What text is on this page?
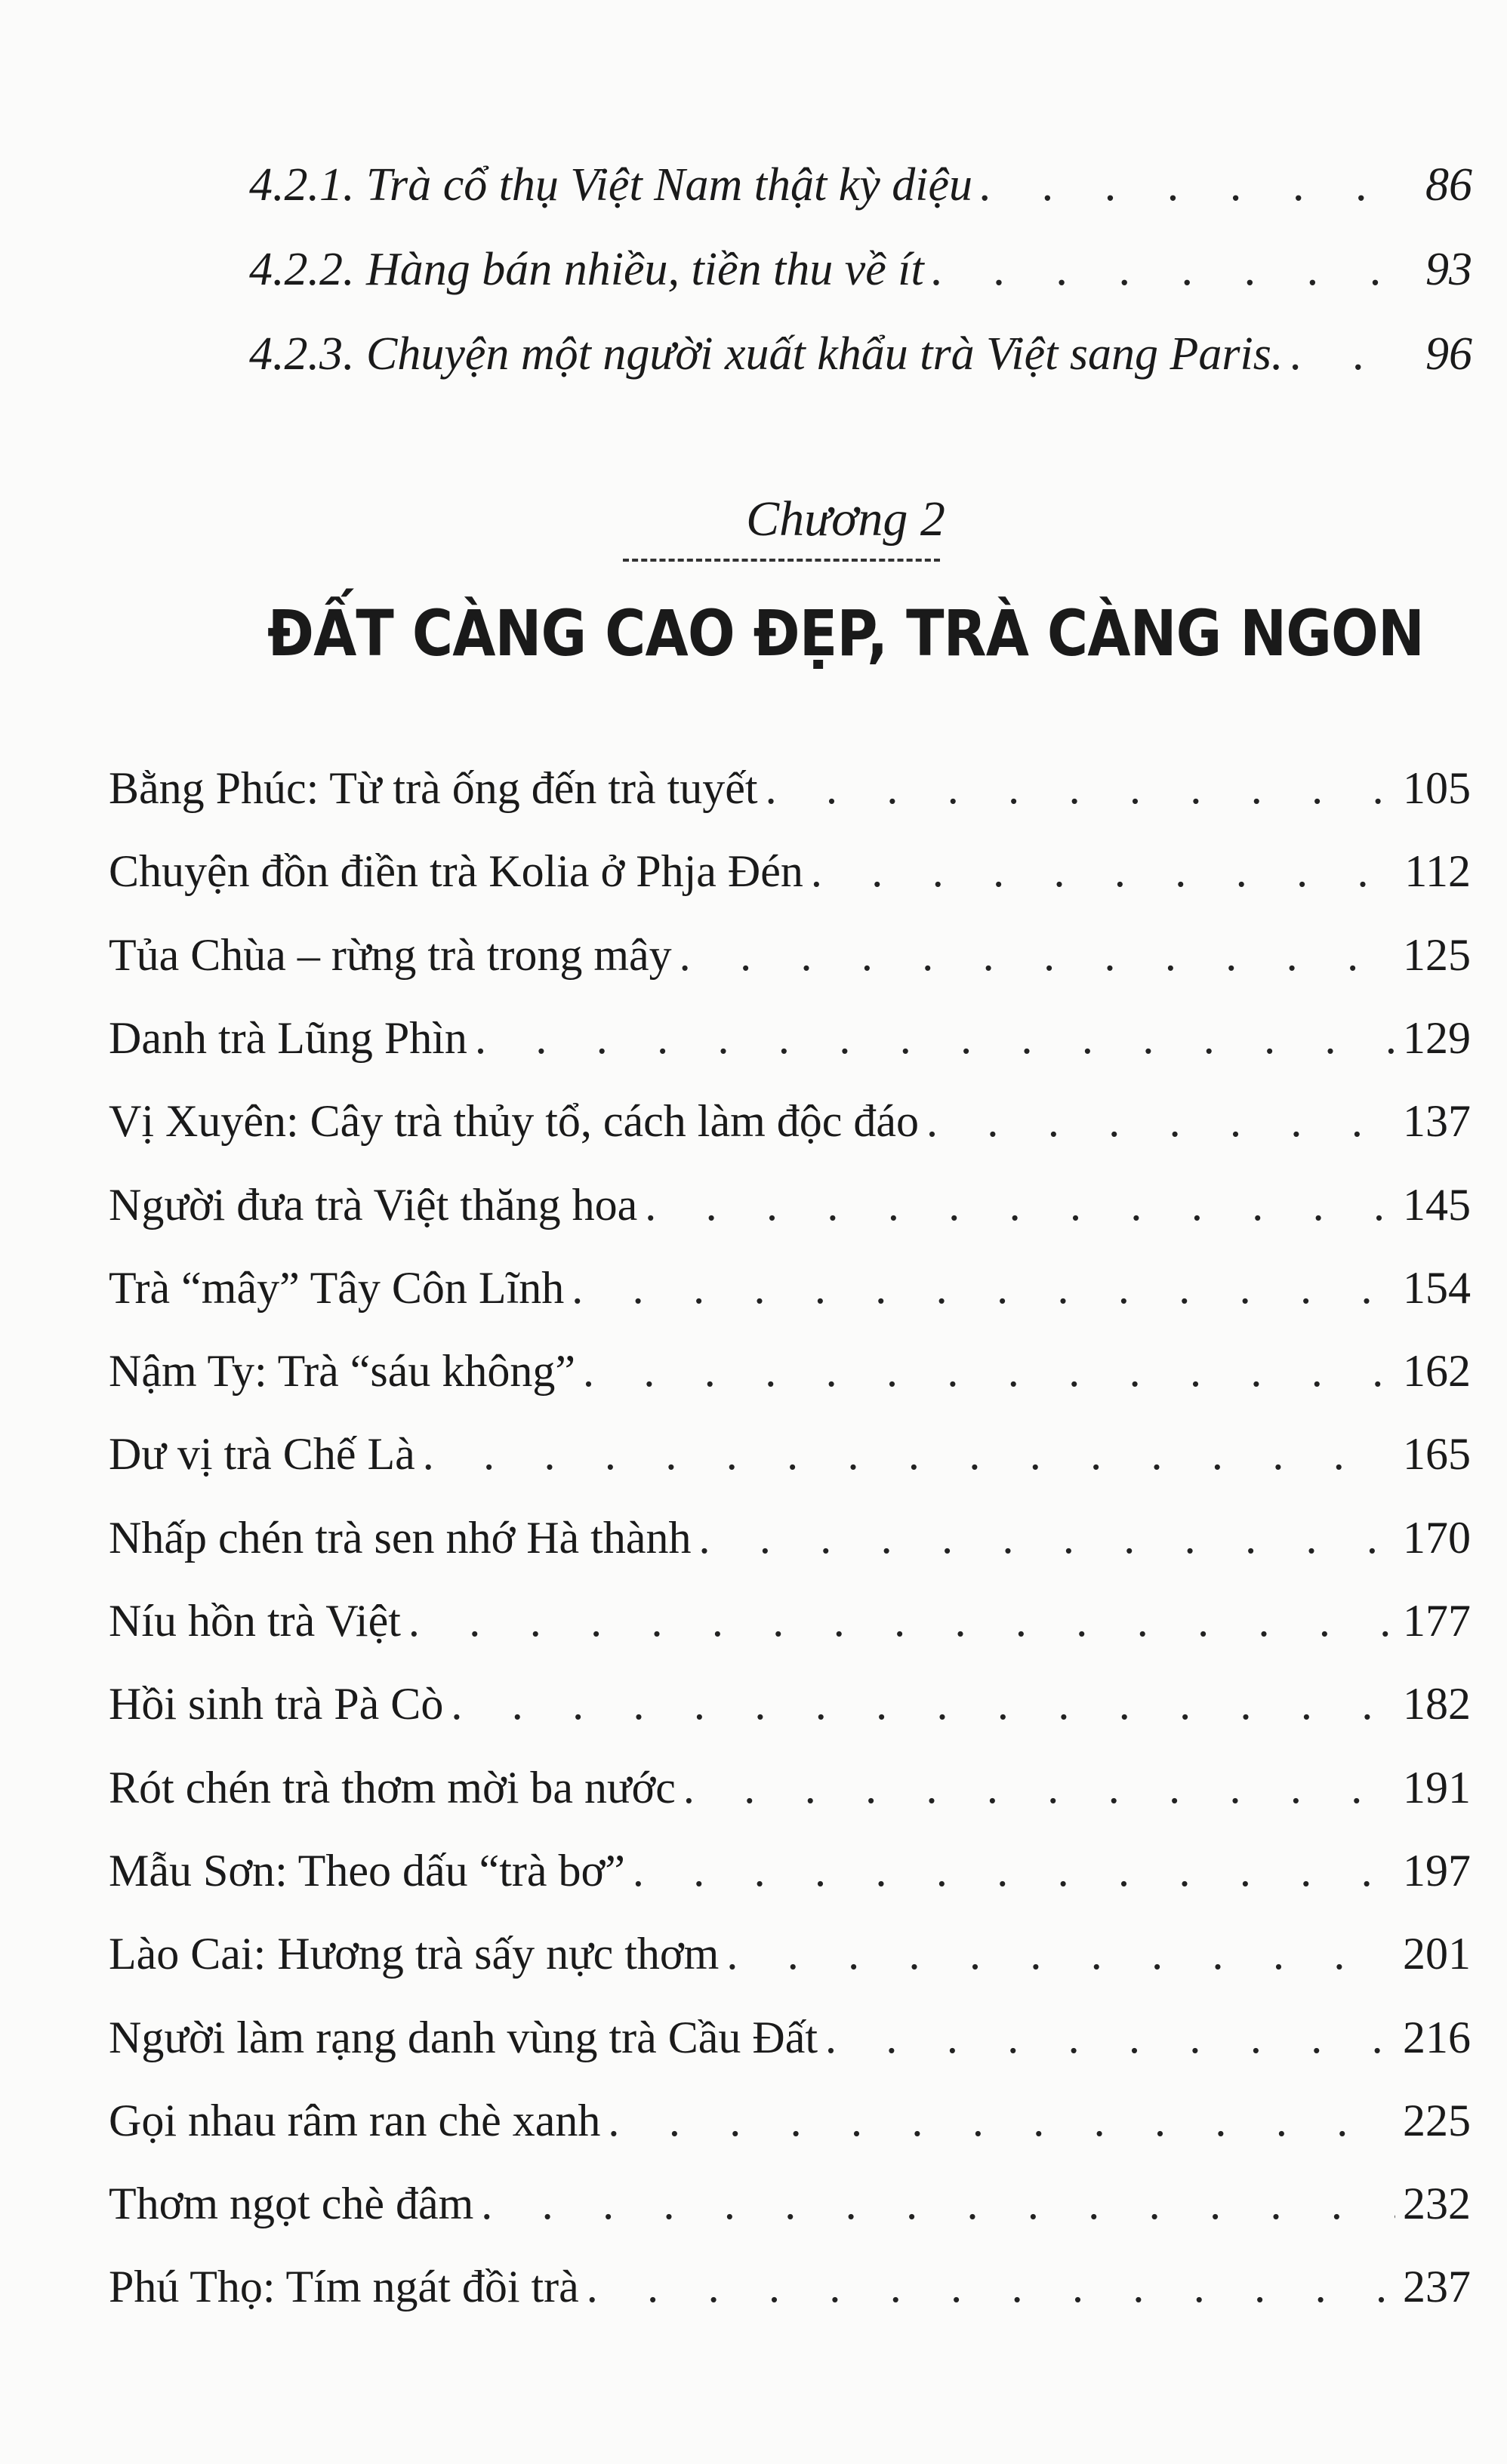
4.2.1. Trà cổ thụ Việt Nam thật kỳ diệu . . .	86
4.2.2. Hàng bán nhiều, tiền thu về ít . . .	93
4.2.3. Chuyện một người xuất khẩu trà Việt sang Paris. . . .	96
Chương 2
ĐẤT CÀNG CAO ĐẸP, TRÀ CÀNG NGON
Bằng Phúc: Từ trà ống đến trà tuyết . . .	105
Chuyện đồn điền trà Kolia ở Phja Đén . . .	112
Tủa Chùa – rừng trà trong mây . . .	125
Danh trà Lũng Phìn . . .	129
Vị Xuyên: Cây trà thủy tổ, cách làm độc đáo . . .	137
Người đưa trà Việt thăng hoa . . .	145
Trà “mây” Tây Côn Lĩnh . . .	154
Nậm Ty: Trà “sáu không” . . .	162
Dư vị trà Chế Là . . .	165
Nhấp chén trà sen nhớ Hà thành . . .	170
Níu hồn trà Việt . . .	177
Hồi sinh trà Pà Cò . . .	182
Rót chén trà thơm mời ba nước . . .	191
Mẫu Sơn: Theo dấu “trà bơ” . . .	197
Lào Cai: Hương trà sấy nực thơm . . .	201
Người làm rạng danh vùng trà Cầu Đất . . .	216
Gọi nhau râm ran chè xanh . . .	225
Thơm ngọt chè đâm . . .	232
Phú Thọ: Tím ngát đồi trà . . .	237
